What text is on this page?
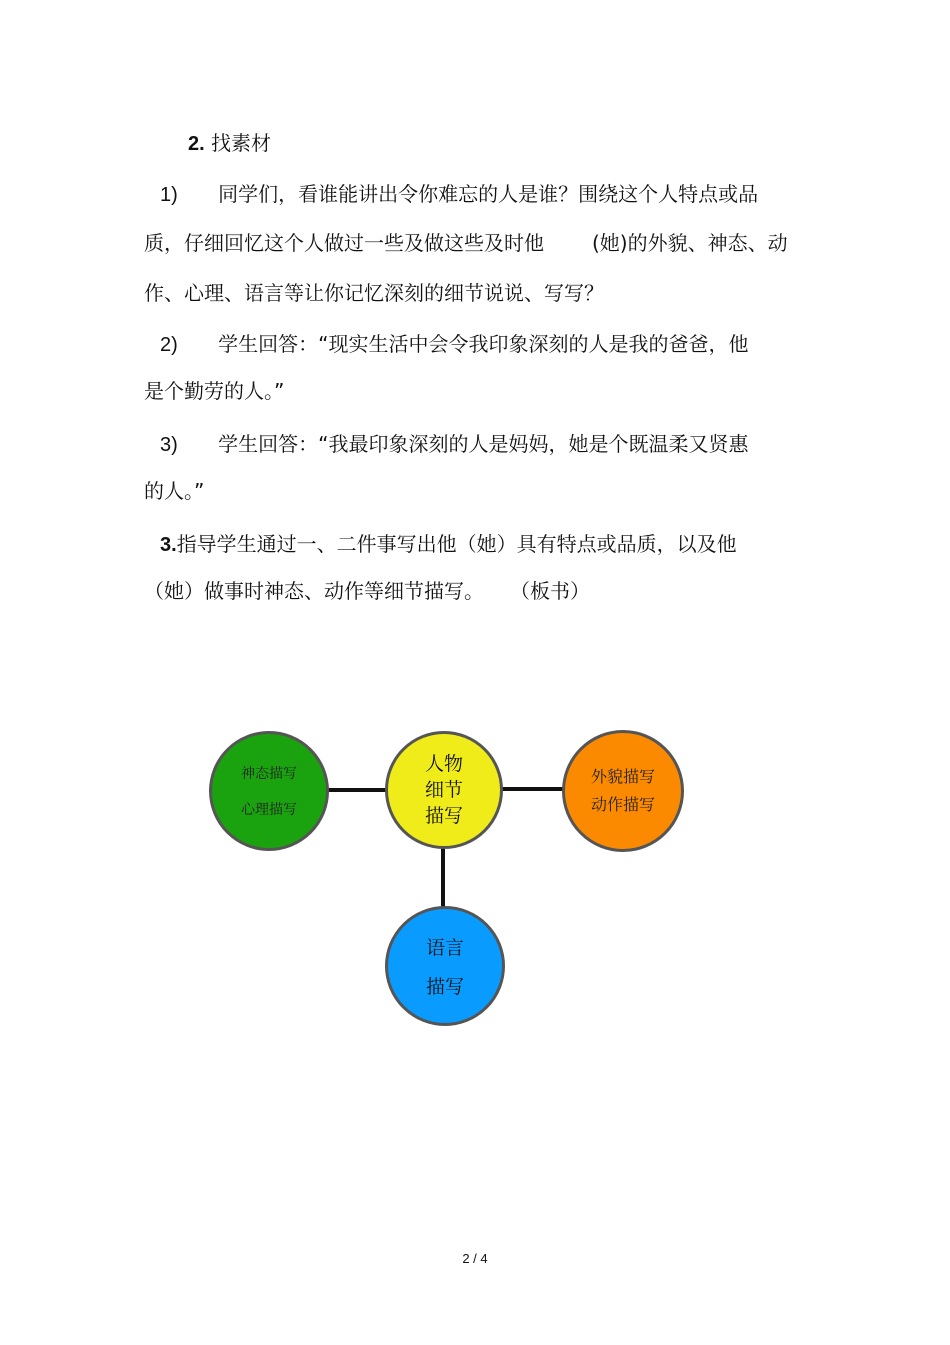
2. 找素材
1) 同学们，看谁能讲出令你难忘的人是谁？围绕这个人特点或品
质，仔细回忆这个人做过一些及做这些及时他 (她)的外貌、神态、动
作、心理、语言等让你记忆深刻的细节说说、写写？
2) 学生回答：“现实生活中会令我印象深刻的人是我的爸爸，他
是个勤劳的人。”
3) 学生回答：“我最印象深刻的人是妈妈，她是个既温柔又贤惠
的人。”
3.指导学生通过一、二件事写出他（她）具有特点或品质，以及他
（她）做事时神态、动作等细节描写。 （板书）
神态描写
心理描写
人物
细节
描写
外貌描写
动作描写
语言
描写
2 / 4
